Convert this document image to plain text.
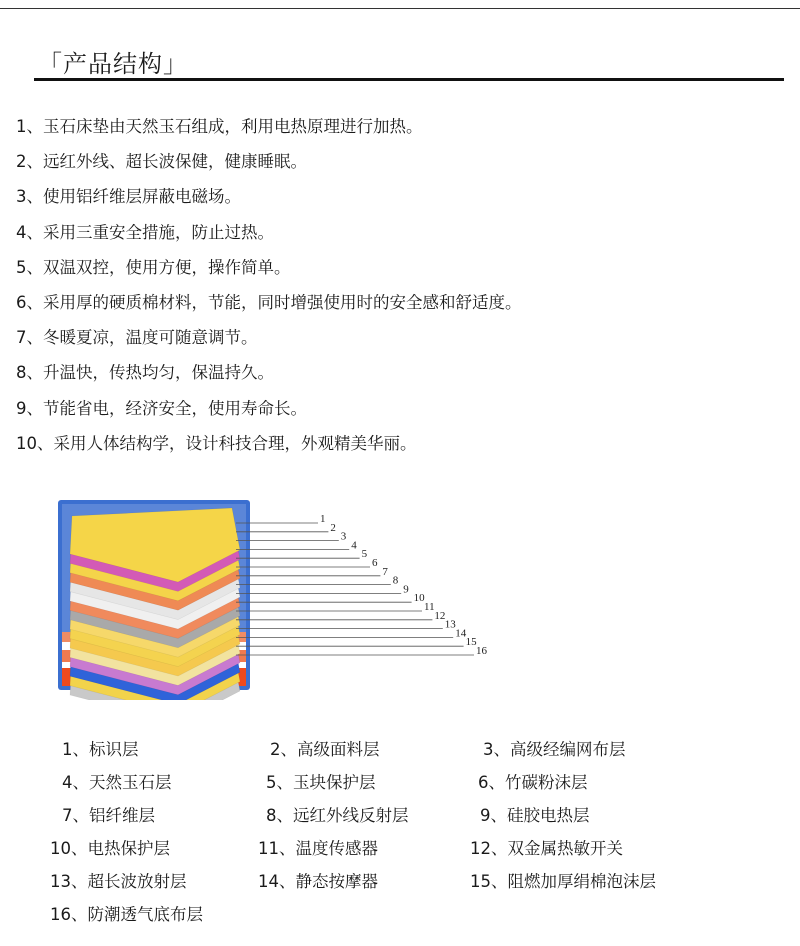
「产品结构」
1、玉石床垫由天然玉石组成，利用电热原理进行加热。
2、远红外线、超长波保健，健康睡眠。
3、使用铝纤维层屏蔽电磁场。
4、采用三重安全措施，防止过热。
5、双温双控，使用方便，操作简单。
6、采用厚的硬质棉材料，节能，同时增强使用时的安全感和舒适度。
7、冬暖夏凉，温度可随意调节。
8、升温快，传热均匀，保温持久。
9、节能省电，经济安全，使用寿命长。
10、采用人体结构学，设计科技合理，外观精美华丽。
1
2
3
4
5
6
7
8
9
10
11
12
13
14
15
16
1、标识层	2、高级面料层	3、高级经编网布层
4、天然玉石层	5、玉块保护层	6、竹碳粉沫层
7、铝纤维层	8、远红外线反射层	9、硅胶电热层
10、电热保护层	11、温度传感器	12、双金属热敏开关
13、超长波放射层	14、静态按摩器	15、阻燃加厚绢棉泡沫层
16、防潮透气底布层
